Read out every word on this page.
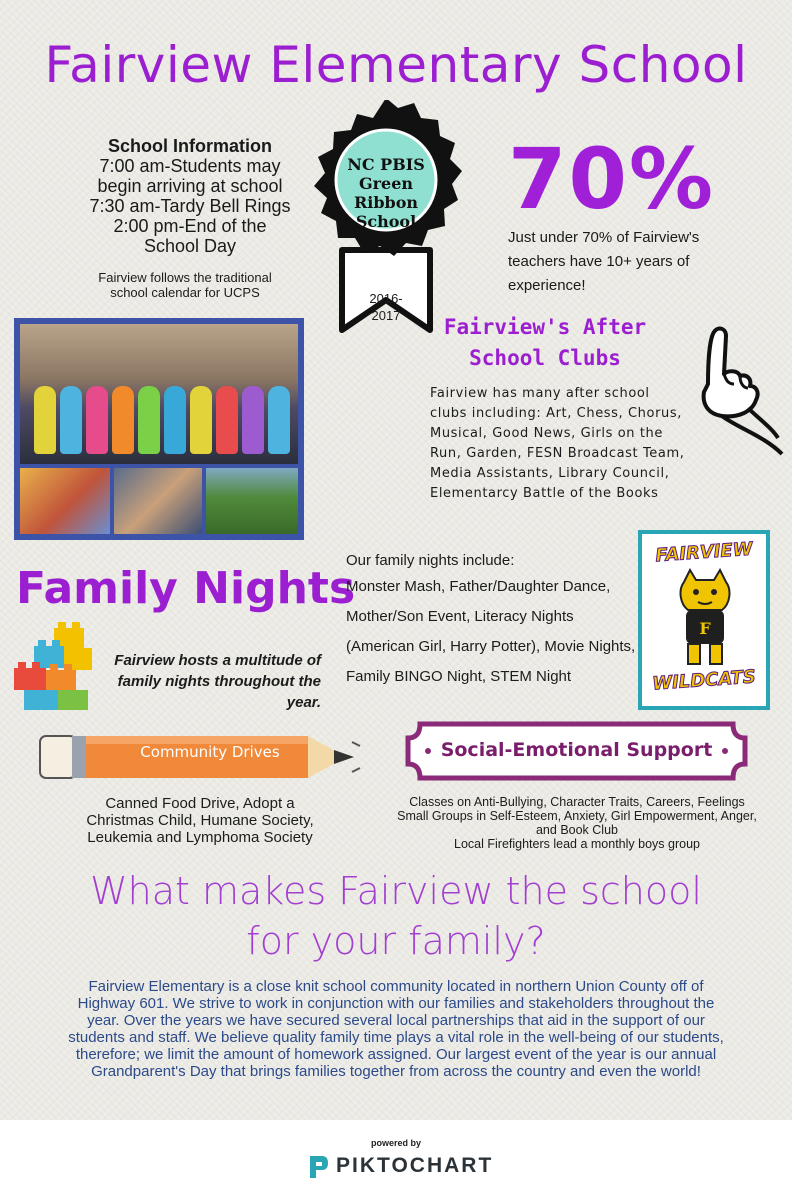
Fairview Elementary School
School Information
7:00 am-Students may
begin arriving at school
7:30 am-Tardy Bell Rings
2:00 pm-End of the
School Day
Fairview follows the traditional school calendar for UCPS
NC PBIS Green Ribbon School
2016-2017
70%
Just under 70% of Fairview's teachers have 10+ years of experience!
Fairview's After
School Clubs
Fairview has many after school clubs including: Art, Chess, Chorus, Musical, Good News, Girls on the Run, Garden, FESN Broadcast Team, Media Assistants, Library Council, Elementarcy Battle of the Books
Family Nights
Fairview hosts a multitude of family nights throughout the year.
Our family nights include:
Monster Mash, Father/Daughter Dance, Mother/Son Event, Literacy Nights (American Girl, Harry Potter), Movie Nights, Family BINGO Night, STEM Night
FAIRVIEW
F
WILDCATS
Community Drives
Canned Food Drive, Adopt a Christmas Child, Humane Society, Leukemia and Lymphoma Society
Social-Emotional Support
Classes on Anti-Bullying, Character Traits, Careers, Feelings
Small Groups in Self-Esteem, Anxiety, Girl Empowerment, Anger, and Book Club
Local Firefighters lead a monthly boys group
What makes Fairview the school
for your family?
Fairview Elementary is a close knit school community located in northern Union County off of Highway 601. We strive to work in conjunction with our families and stakeholders throughout the year. Over the years we have secured several local partnerships that aid in the support of our students and staff. We believe quality family time plays a vital role in the well-being of our students, therefore; we limit the amount of homework assigned. Our largest event of the year is our annual Grandparent's Day that brings families together from across the country and even the world!
powered by
PIKTOCHART
